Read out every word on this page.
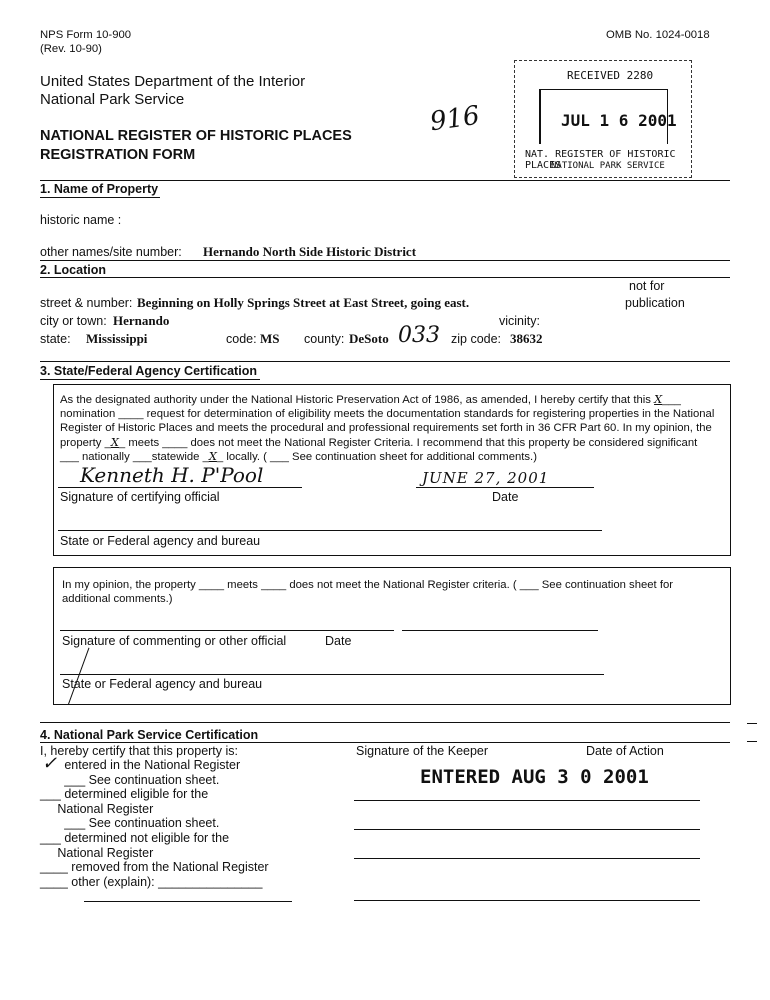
NPS Form 10-900
(Rev. 10-90)
OMB No. 1024-0018
United States Department of the Interior
National Park Service
NATIONAL REGISTER OF HISTORIC PLACES
REGISTRATION FORM
916
RECEIVED 2280
JUL 1 6 2001
NAT. REGISTER OF HISTORIC PLACES
NATIONAL PARK SERVICE
1. Name of Property
historic name :
other names/site number: Hernando North Side Historic District
2. Location
not for
publication
street & number: Beginning on Holly Springs Street at East Street, going east.
city or town: Hernando	vicinity:
state: Mississippi	code: MS county: DeSoto 033 zip code: 38632
3. State/Federal Agency Certification
As the designated authority under the National Historic Preservation Act of 1986, as amended, I hereby certify that this X___
nomination ____ request for determination of eligibility meets the documentation standards for registering properties in the National
Register of Historic Places and meets the procedural and professional requirements set forth in 36 CFR Part 60. In my opinion, the
property _X_ meets ____ does not meet the National Register Criteria. I recommend that this property be considered significant
___ nationally ___statewide _X_ locally. ( ___ See continuation sheet for additional comments.)
Kenneth H. P'Pool	JUNE 27, 2001
Signature of certifying official	Date
State or Federal agency and bureau
In my opinion, the property ____ meets ____ does not meet the National Register criteria. ( ___ See continuation sheet for
additional comments.)
Signature of commenting or other official	Date
State or Federal agency and bureau
4. National Park Service Certification
I, hereby certify that this property is:	Signature of the Keeper	Date of Action
ENTERED AUG 3 0 2001
✓ entered in the National Register
___ See continuation sheet.
___ determined eligible for the
National Register
___ See continuation sheet.
___ determined not eligible for the
National Register
____ removed from the National Register
____ other (explain): _______________
